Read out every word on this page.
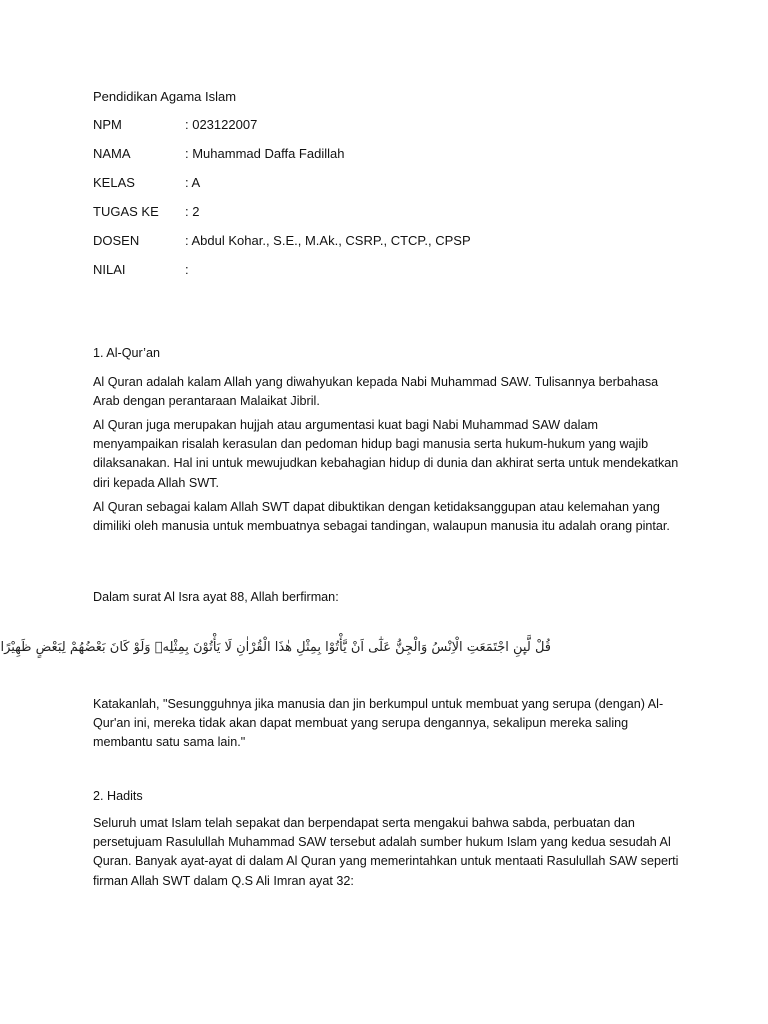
Pendidikan Agama Islam
NPM	: 023122007
NAMA	: Muhammad Daffa Fadillah
KELAS	: A
TUGAS KE	: 2
DOSEN	: Abdul Kohar., S.E., M.Ak., CSRP., CTCP., CPSP
NILAI	:

1. Al-Qur’an

Al Quran adalah kalam Allah yang diwahyukan kepada Nabi Muhammad SAW. Tulisannya berbahasa Arab dengan perantaraan Malaikat Jibril.

Al Quran juga merupakan hujjah atau argumentasi kuat bagi Nabi Muhammad SAW dalam menyampaikan risalah kerasulan dan pedoman hidup bagi manusia serta hukum-hukum yang wajib dilaksanakan. Hal ini untuk mewujudkan kebahagian hidup di dunia dan akhirat serta untuk mendekatkan diri kepada Allah SWT.

Al Quran sebagai kalam Allah SWT dapat dibuktikan dengan ketidaksanggupan atau kelemahan yang dimiliki oleh manusia untuk membuatnya sebagai tandingan, walaupun manusia itu adalah orang pintar.

Dalam surat Al Isra ayat 88, Allah berfirman:

قُلْ لَّىِٕنِ اجْتَمَعَتِ الْاِنْسُ وَالْجِنُّ عَلٰٓى اَنْ يَّأْتُوْا بِمِثْلِ هٰذَا الْقُرْاٰنِ لَا يَأْتُوْنَ بِمِثْلِهٖ وَلَوْ كَانَ بَعْضُهُمْ لِبَعْضٍ ظَهِيْرًا

Katakanlah, "Sesungguhnya jika manusia dan jin berkumpul untuk membuat yang serupa (dengan) Al-Qur'an ini, mereka tidak akan dapat membuat yang serupa dengannya, sekalipun mereka saling membantu satu sama lain."

2. Hadits

Seluruh umat Islam telah sepakat dan berpendapat serta mengakui bahwa sabda, perbuatan dan persetujuam Rasulullah Muhammad SAW tersebut adalah sumber hukum Islam yang kedua sesudah Al Quran. Banyak ayat-ayat di dalam Al Quran yang memerintahkan untuk mentaati Rasulullah SAW seperti firman Allah SWT dalam Q.S Ali Imran ayat 32:
